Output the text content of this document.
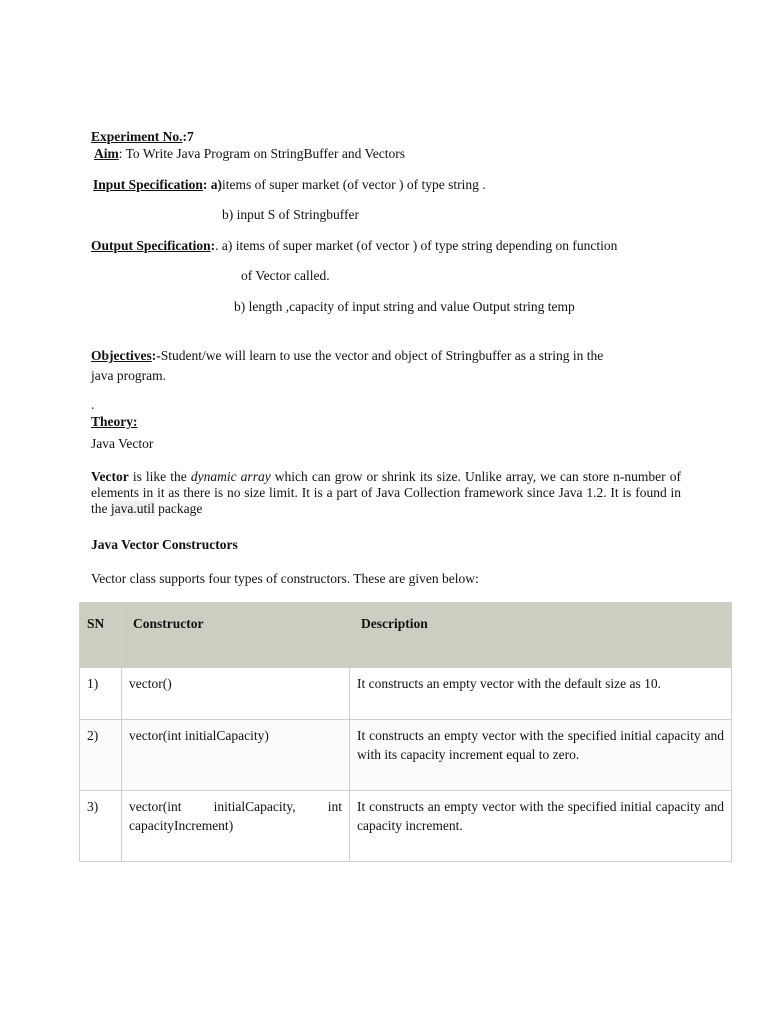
Experiment No.:7
Aim: To Write Java Program on StringBuffer and Vectors
Input Specification: a)items of super market (of vector ) of type string .
b) input S of Stringbuffer
Output Specification:. a) items of super market (of vector ) of type string depending on function
of Vector called.
b) length ,capacity of input string and value Output string temp
Objectives:-Student/we will learn to use the vector and object of Stringbuffer as a string in the
java program.
.
Theory:
Java Vector
Vector is like the dynamic array which can grow or shrink its size. Unlike array, we can store n-number of elements in it as there is no size limit. It is a part of Java Collection framework since Java 1.2. It is found in the java.util package
Java Vector Constructors
Vector class supports four types of constructors. These are given below:
SN	Constructor	Description
1)	vector()	It constructs an empty vector with the default size as 10.
2)	vector(int initialCapacity)	It constructs an empty vector with the specified initial capacity and with its capacity increment equal to zero.
3)	vector(int initialCapacity, int capacityIncrement)	It constructs an empty vector with the specified initial capacity and capacity increment.
